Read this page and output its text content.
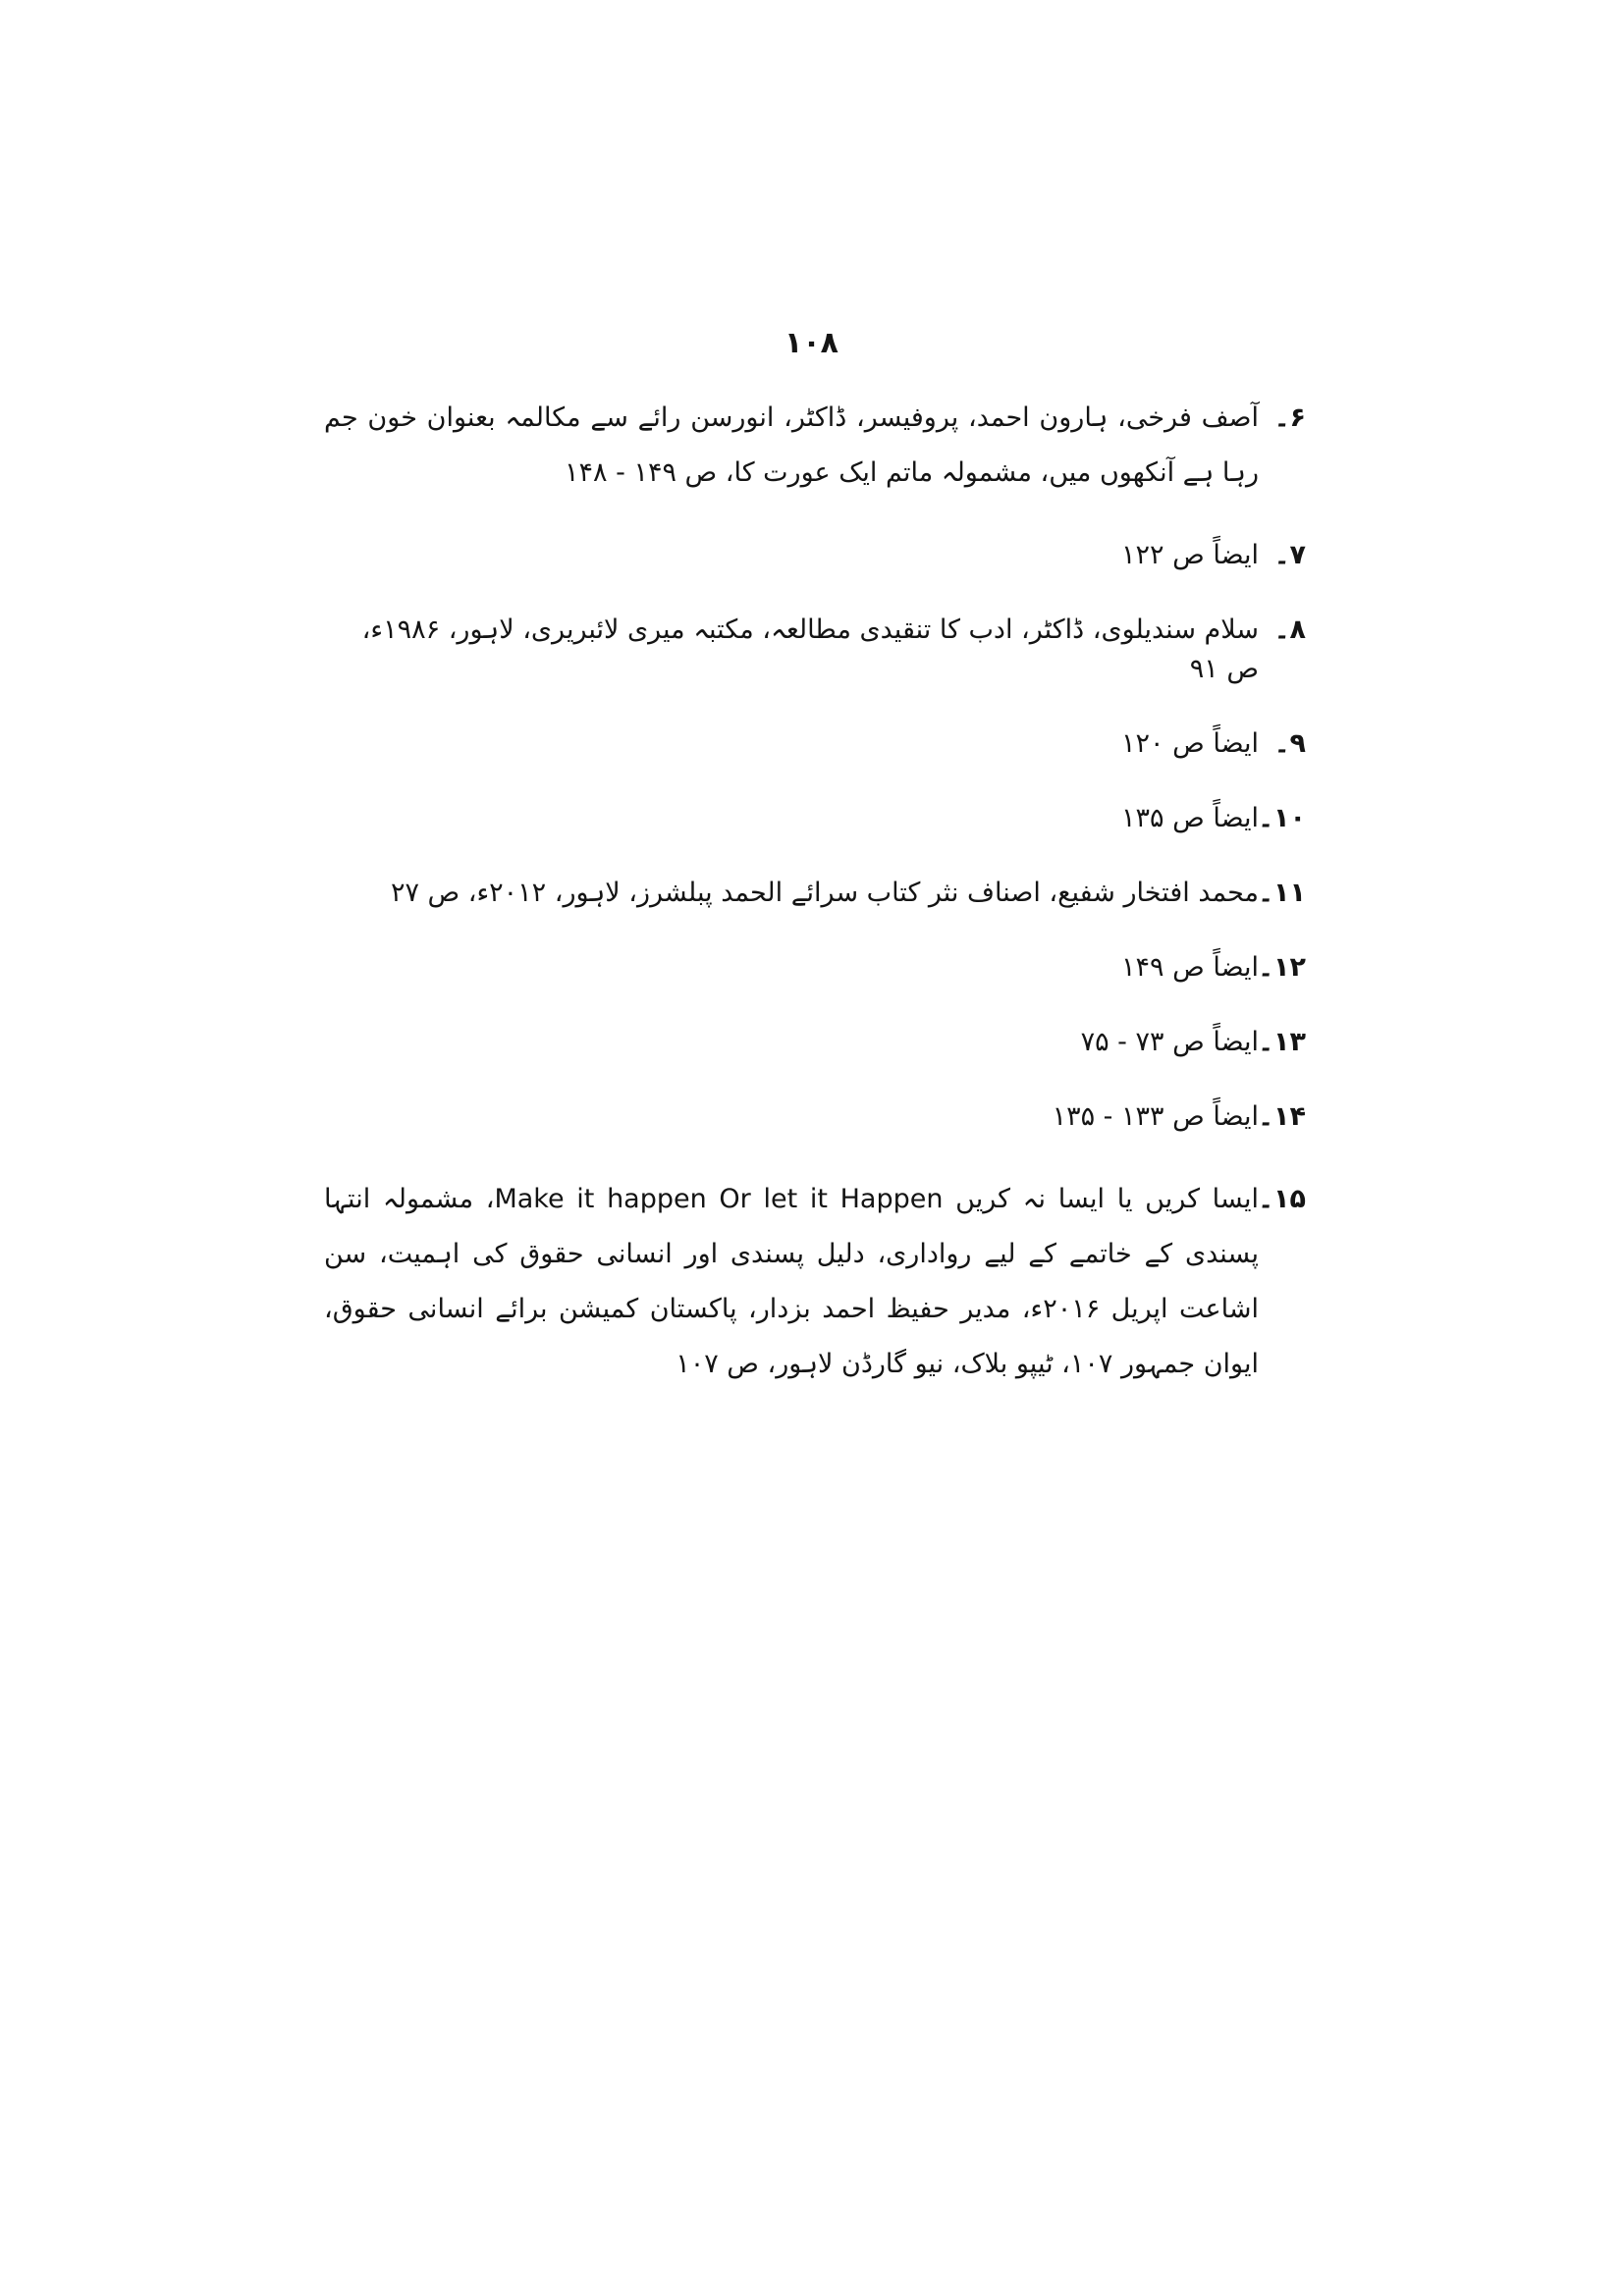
۱۰۸
۶۔
آصف فرخی، ہارون احمد، پروفیسر، ڈاکٹر، انورسن رائے سے مکالمہ بعنوان خون جم رہا ہے آنکھوں میں، مشمولہ ماتم ایک عورت کا، ص ۱۴۹ - ۱۴۸
۷۔
ایضاً ص ۱۲۲
۸۔
سلام سندیلوی، ڈاکٹر، ادب کا تنقیدی مطالعہ، مکتبہ میری لائبریری، لاہور، ۱۹۸۶ء، ص ۹۱
۹۔
ایضاً ص ۱۲۰
۱۰۔
ایضاً ص ۱۳۵
۱۱۔
محمد افتخار شفیع، اصناف نثر کتاب سرائے الحمد پبلشرز، لاہور، ۲۰۱۲ء، ص ۲۷
۱۲۔
ایضاً ص ۱۴۹
۱۳۔
ایضاً ص ۷۳ - ۷۵
۱۴۔
ایضاً ص ۱۳۳ - ۱۳۵
۱۵۔
ایسا کریں یا ایسا نہ کریں Make it happen Or let it Happen، مشمولہ انتہا پسندی کے خاتمے کے لیے رواداری، دلیل پسندی اور انسانی حقوق کی اہمیت، سن اشاعت اپریل ۲۰۱۶ء، مدیر حفیظ احمد بزدار، پاکستان کمیشن برائے انسانی حقوق، ایوان جمہور ۱۰۷، ٹیپو بلاک، نیو گارڈن لاہور، ص ۱۰۷
